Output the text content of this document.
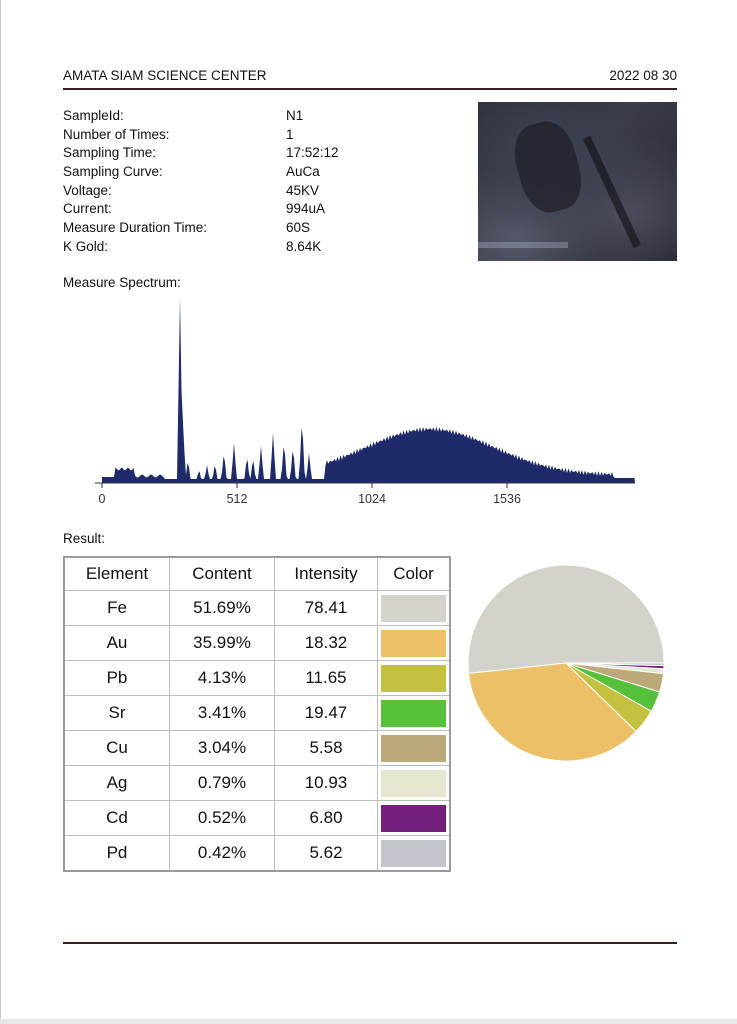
AMATA SIAM SCIENCE CENTER	2022 08 30
SampleId:	N1
Number of Times:	1
Sampling Time:	17:52:12
Sampling Curve:	AuCa
Voltage:	45KV
Current:	994uA
Measure Duration Time:	60S
K Gold:	8.64K
Measure Spectrum:
0	512	1024	1536
Result:
Element	Content	Intensity	Color
Fe	51.69%	78.41	

Au	35.99%	18.32	

Pb	4.13%	11.65	

Sr	3.41%	19.47	

Cu	3.04%	5.58	

Ag	0.79%	10.93	

Cd	0.52%	6.80	

Pd	0.42%	5.62	
